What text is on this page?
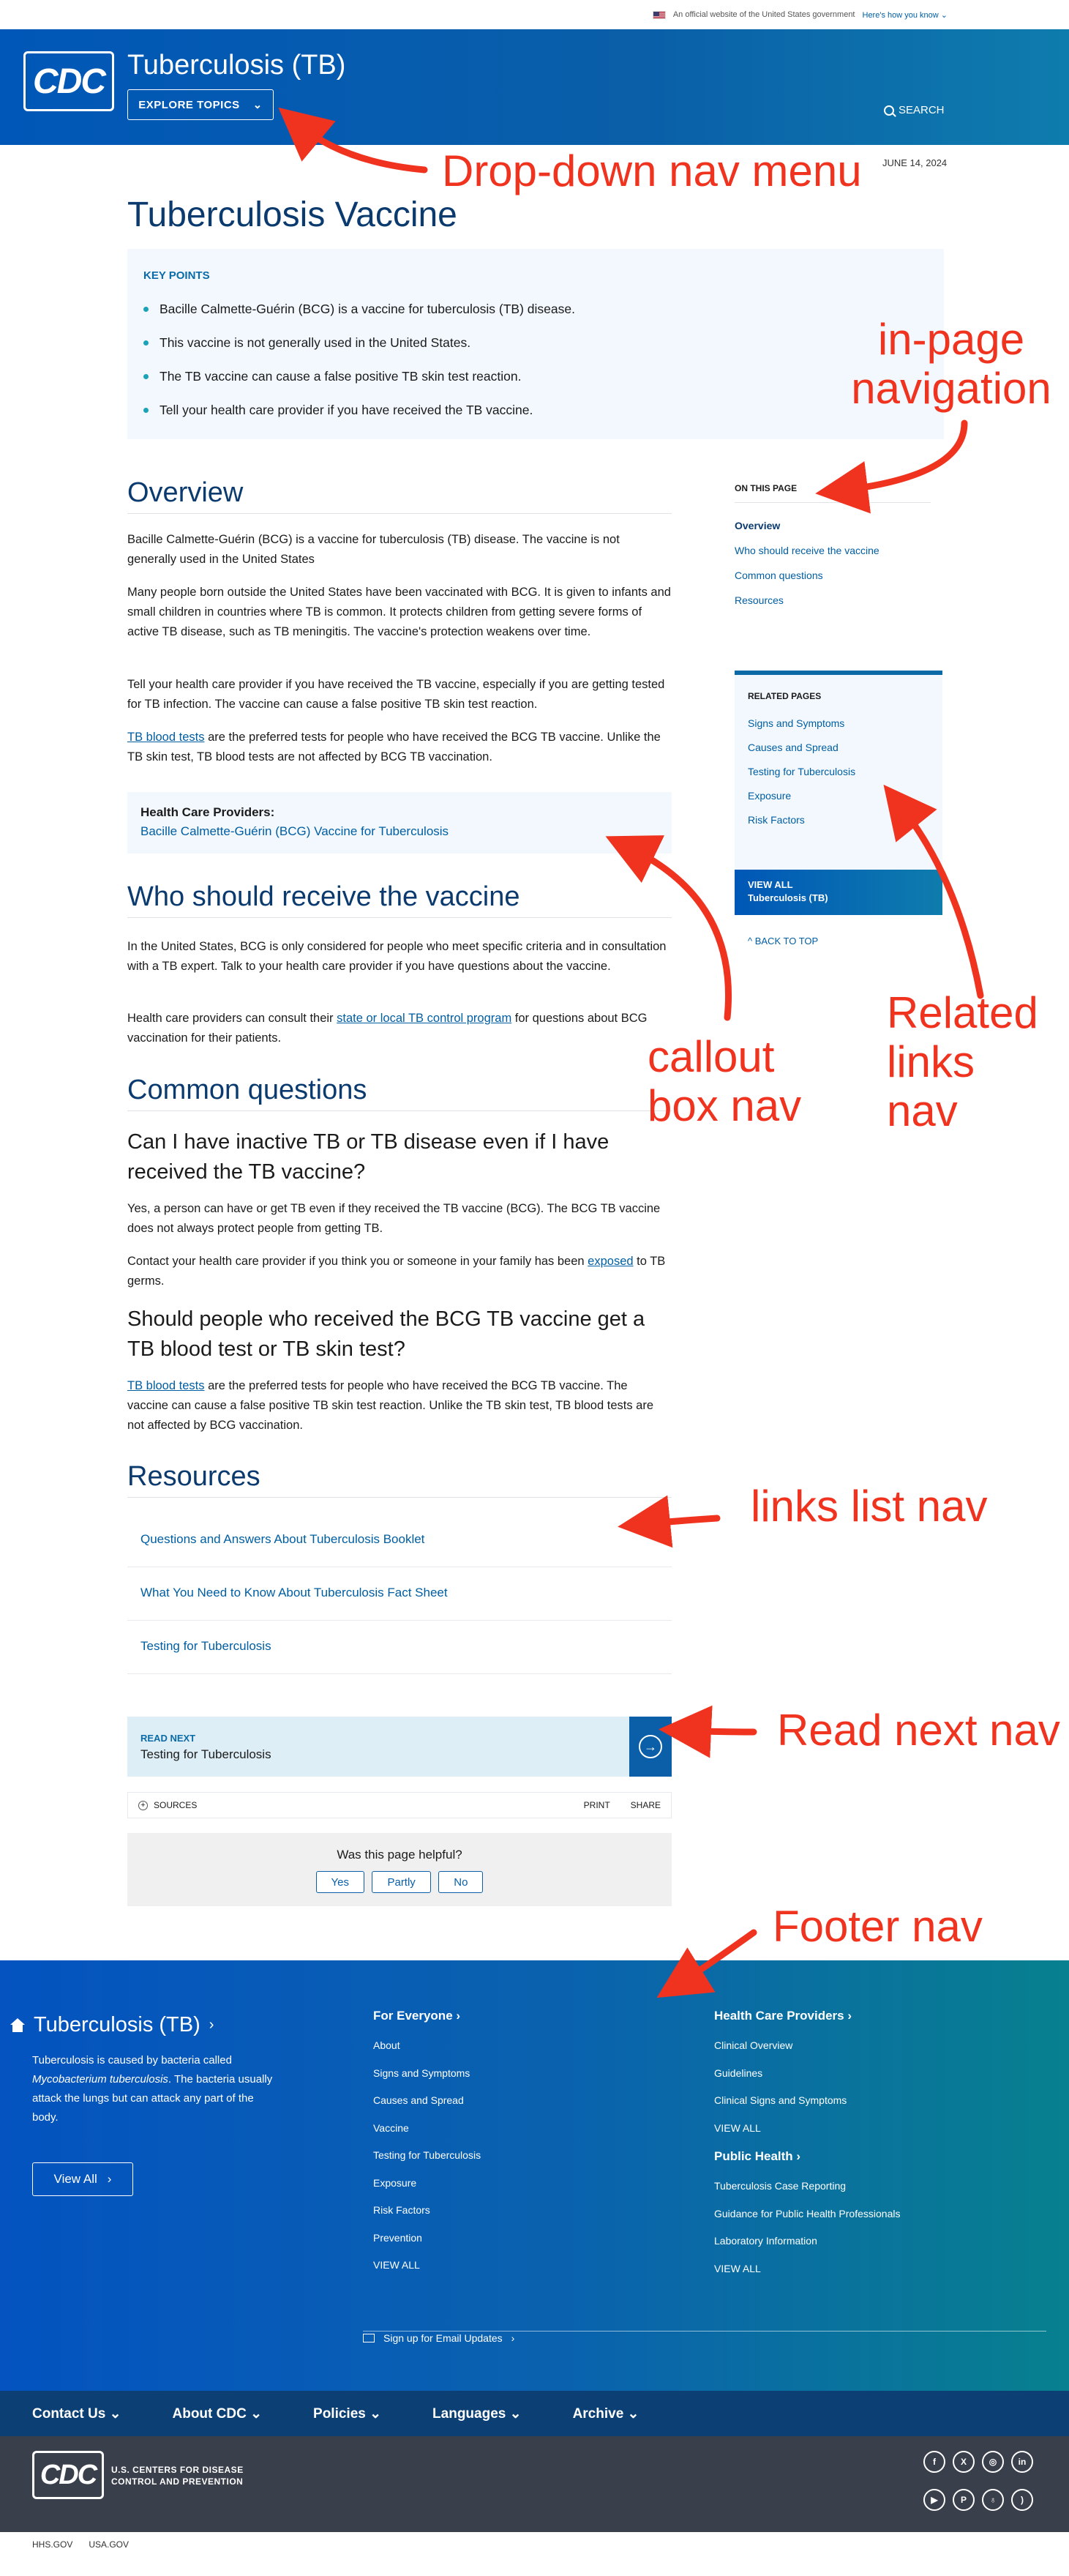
An official website of the United States government Here's how you know ⌄
CDC Tuberculosis (TB)
EXPLORE TOPICS ⌄	SEARCH
JUNE 14, 2024
Tuberculosis Vaccine
KEY POINTS
Bacille Calmette-Guérin (BCG) is a vaccine for tuberculosis (TB) disease.
This vaccine is not generally used in the United States.
The TB vaccine can cause a false positive TB skin test reaction.
Tell your health care provider if you have received the TB vaccine.
Overview

Bacille Calmette-Guérin (BCG) is a vaccine for tuberculosis (TB) disease. The vaccine is not generally used in the United States

Many people born outside the United States have been vaccinated with BCG. It is given to infants and small children in countries where TB is common. It protects children from getting severe forms of active TB disease, such as TB meningitis. The vaccine's protection weakens over time.

Tell your health care provider if you have received the TB vaccine, especially if you are getting tested for TB infection. The vaccine can cause a false positive TB skin test reaction.

TB blood tests are the preferred tests for people who have received the BCG TB vaccine. Unlike the TB skin test, TB blood tests are not affected by BCG TB vaccination.

Health Care Providers:
Bacille Calmette-Guérin (BCG) Vaccine for Tuberculosis
Who should receive the vaccine

In the United States, BCG is only considered for people who meet specific criteria and in consultation with a TB expert. Talk to your health care provider if you have questions about the vaccine.

Health care providers can consult their state or local TB control program for questions about BCG vaccination for their patients.

Common questions
Can I have inactive TB or TB disease even if I have received the TB vaccine?

Yes, a person can have or get TB even if they received the TB vaccine (BCG). The BCG TB vaccine does not always protect people from getting TB.

Contact your health care provider if you think you or someone in your family has been exposed to TB germs.

Should people who received the BCG TB vaccine get a TB blood test or TB skin test?

TB blood tests are the preferred tests for people who have received the BCG TB vaccine. The vaccine can cause a false positive TB skin test reaction. Unlike the TB skin test, TB blood tests are not affected by BCG vaccination.

Resources
Questions and Answers About Tuberculosis Booklet
What You Need to Know About Tuberculosis Fact Sheet
Testing for Tuberculosis
READ NEXT
Testing for Tuberculosis
→
+ SOURCES	PRINT SHARE
Was this page helpful?
Yes	Partly	No
ON THIS PAGE
Overview
Who should receive the vaccine
Common questions
Resources
RELATED PAGES
Signs and Symptoms
Causes and Spread
Testing for Tuberculosis
Exposure
Risk Factors
VIEW ALL
Tuberculosis (TB)
^ BACK TO TOP
Tuberculosis (TB) ›

Tuberculosis is caused by bacteria called Mycobacterium tuberculosis. The bacteria usually attack the lungs but can attack any part of the body.

View All ›
For Everyone ›
About
Signs and Symptoms
Causes and Spread
Vaccine
Testing for Tuberculosis
Exposure
Risk Factors
Prevention
VIEW ALL
Health Care Providers ›
Clinical Overview
Guidelines
Clinical Signs and Symptoms
VIEW ALL
Public Health ›
Tuberculosis Case Reporting
Guidance for Public Health Professionals
Laboratory Information
VIEW ALL
Sign up for Email Updates ›
Contact Us ⌄	About CDC ⌄	Policies ⌄	Languages ⌄	Archive ⌄
CDC	U.S. CENTERS FOR DISEASE
CONTROL AND PREVENTION
f	X	◎	in
▶	P	♁	)
HHS.GOV USA.GOV
Drop-down nav menu
in-page navigation
Related links nav
callout box nav
links list nav
Read next nav
Footer nav
